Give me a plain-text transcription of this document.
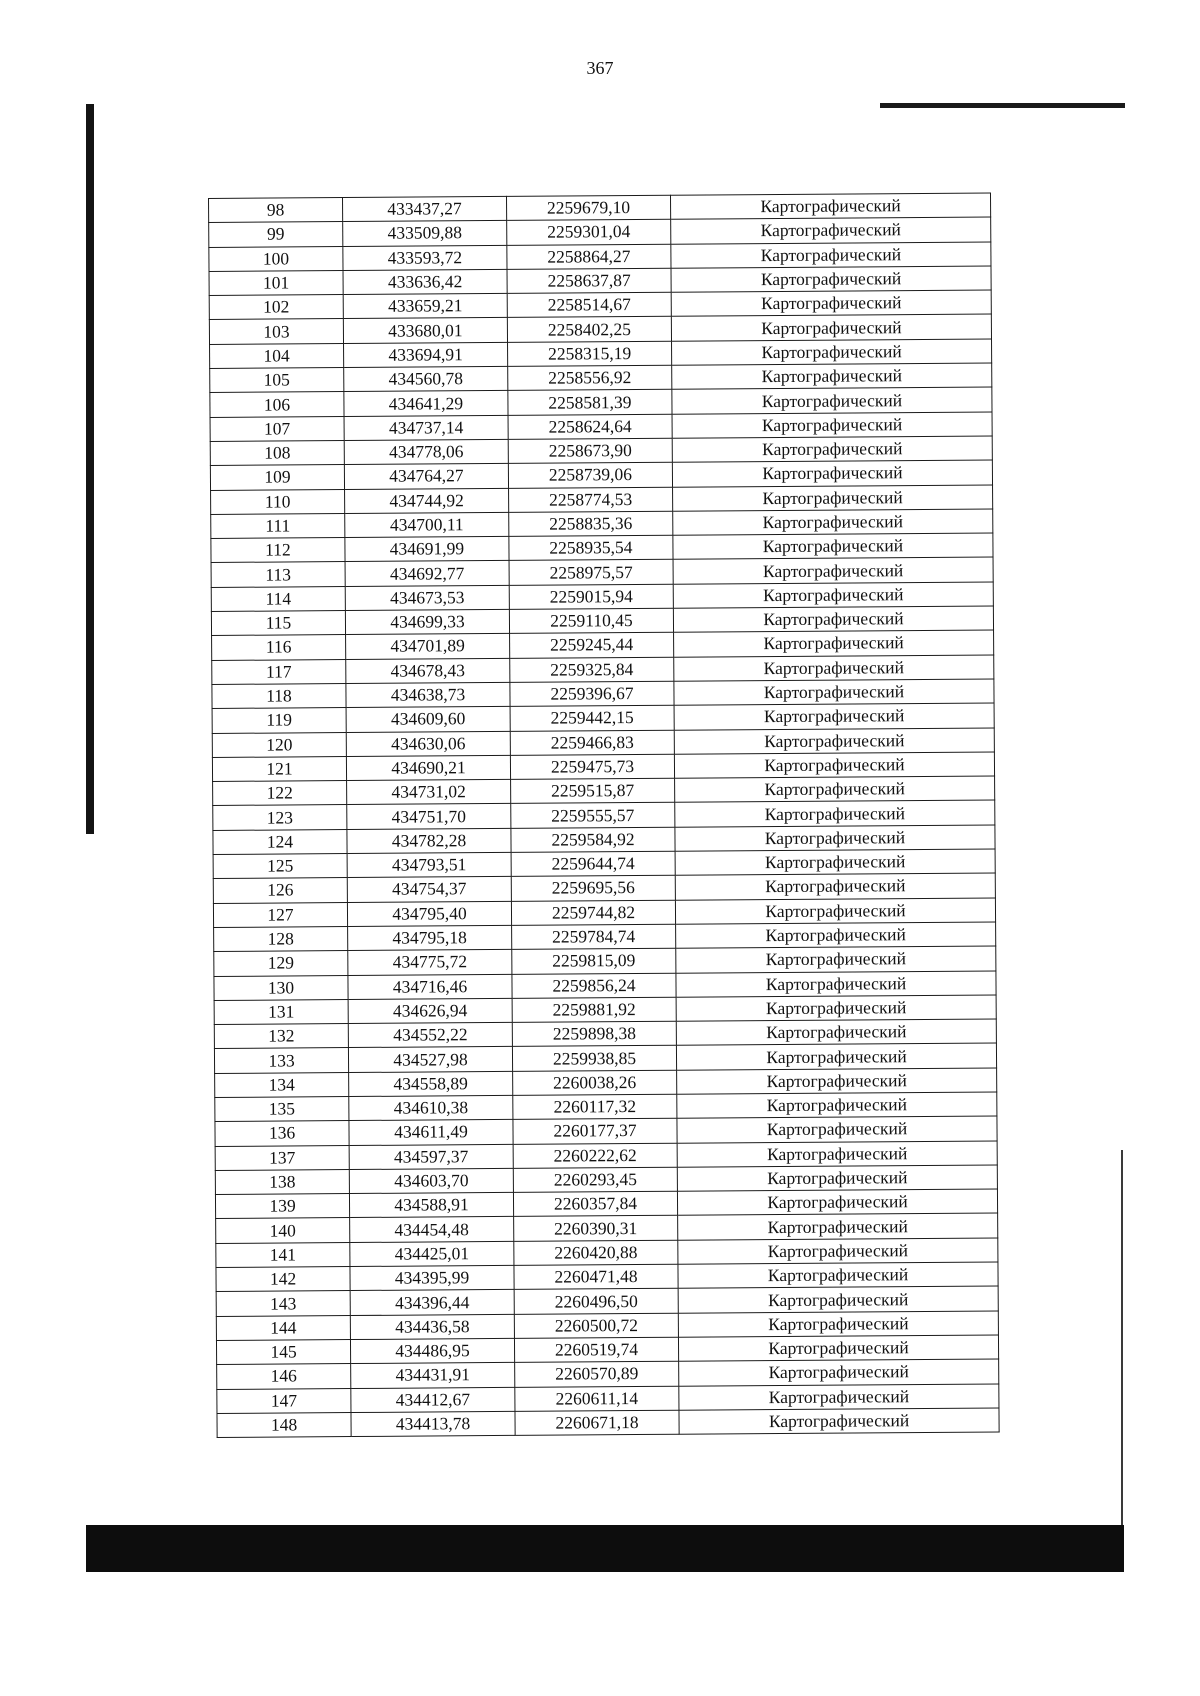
367
98	433437,27	2259679,10	Картографический
99	433509,88	2259301,04	Картографический
100	433593,72	2258864,27	Картографический
101	433636,42	2258637,87	Картографический
102	433659,21	2258514,67	Картографический
103	433680,01	2258402,25	Картографический
104	433694,91	2258315,19	Картографический
105	434560,78	2258556,92	Картографический
106	434641,29	2258581,39	Картографический
107	434737,14	2258624,64	Картографический
108	434778,06	2258673,90	Картографический
109	434764,27	2258739,06	Картографический
110	434744,92	2258774,53	Картографический
111	434700,11	2258835,36	Картографический
112	434691,99	2258935,54	Картографический
113	434692,77	2258975,57	Картографический
114	434673,53	2259015,94	Картографический
115	434699,33	2259110,45	Картографический
116	434701,89	2259245,44	Картографический
117	434678,43	2259325,84	Картографический
118	434638,73	2259396,67	Картографический
119	434609,60	2259442,15	Картографический
120	434630,06	2259466,83	Картографический
121	434690,21	2259475,73	Картографический
122	434731,02	2259515,87	Картографический
123	434751,70	2259555,57	Картографический
124	434782,28	2259584,92	Картографический
125	434793,51	2259644,74	Картографический
126	434754,37	2259695,56	Картографический
127	434795,40	2259744,82	Картографический
128	434795,18	2259784,74	Картографический
129	434775,72	2259815,09	Картографический
130	434716,46	2259856,24	Картографический
131	434626,94	2259881,92	Картографический
132	434552,22	2259898,38	Картографический
133	434527,98	2259938,85	Картографический
134	434558,89	2260038,26	Картографический
135	434610,38	2260117,32	Картографический
136	434611,49	2260177,37	Картографический
137	434597,37	2260222,62	Картографический
138	434603,70	2260293,45	Картографический
139	434588,91	2260357,84	Картографический
140	434454,48	2260390,31	Картографический
141	434425,01	2260420,88	Картографический
142	434395,99	2260471,48	Картографический
143	434396,44	2260496,50	Картографический
144	434436,58	2260500,72	Картографический
145	434486,95	2260519,74	Картографический
146	434431,91	2260570,89	Картографический
147	434412,67	2260611,14	Картографический
148	434413,78	2260671,18	Картографический
